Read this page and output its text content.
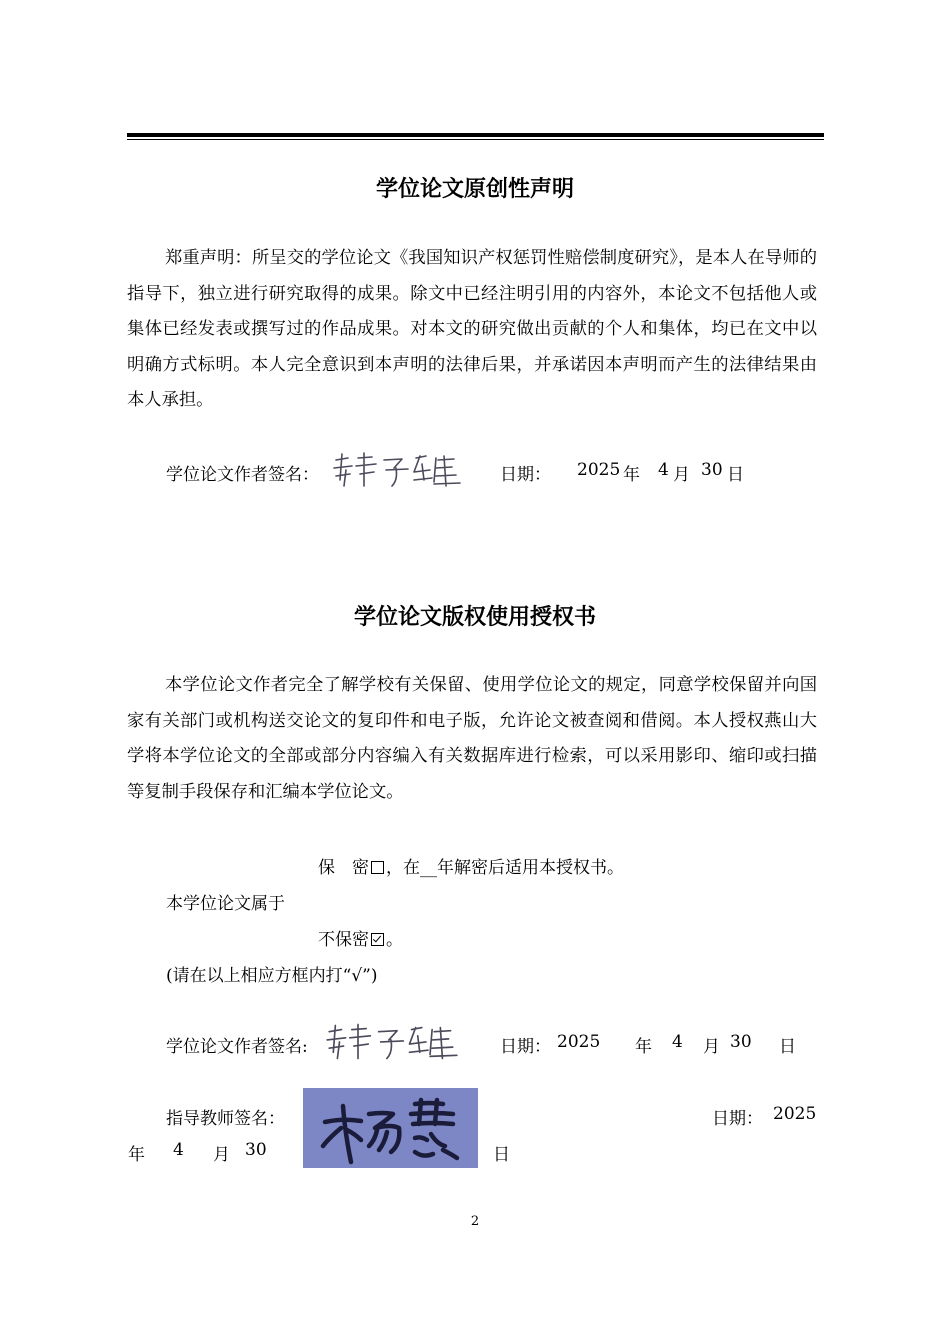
学位论文原创性声明

郑重声明：所呈交的学位论文《我国知识产权惩罚性赔偿制度研究》，是本人在导师的指导下，独立进行研究取得的成果。除文中已经注明引用的内容外，本论文不包括他人或集体已经发表或撰写过的作品成果。对本文的研究做出贡献的个人和集体，均已在文中以明确方式标明。本人完全意识到本声明的法律后果，并承诺因本声明而产生的法律结果由本人承担。

学位论文作者签名：	日期： 2025 年 4 月 30 日
学位论文版权使用授权书

本学位论文作者完全了解学校有关保留、使用学位论文的规定，同意学校保留并向国家有关部门或机构送交论文的复印件和电子版，允许论文被查阅和借阅。本人授权燕山大学将本学位论文的全部或部分内容编入有关数据库进行检索，可以采用影印、缩印或扫描等复制手段保存和汇编本学位论文。

保　密 ，在__年解密后适用本授权书。
本学位论文属于
不保密 。
(请在以上相应方框内打“√”)
学位论文作者签名:	日期： 2025 年 4 月 30 日
指导教师签名：	日期： 2025
年 4 月 30	日
2
